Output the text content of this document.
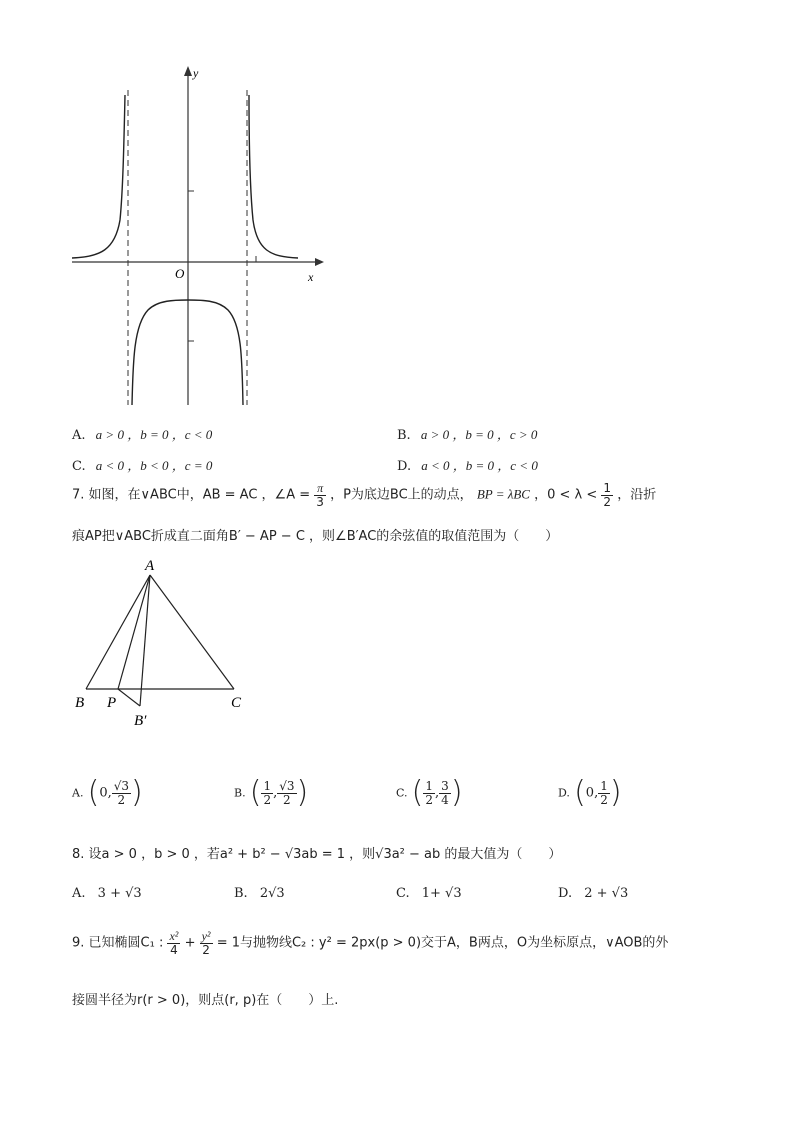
y
x
O
A. a > 0 ，b = 0 ，c < 0	B. a > 0 ，b = 0 ，c > 0
C. a < 0 ，b < 0 ，c = 0	D. a < 0 ，b = 0 ，c < 0
7. 如图，在∨ABC中，AB = AC ，∠A = $\frac{\pi}{3}$ ，P为底边BC上的动点， BP = λBC ，$0 < \lambda < \frac{1}{2}$ ，沿折
痕AP把∨ABC折成直二面角B′ − AP − C ，则∠B′AC的余弦值的取值范围为（　　）
A
B P	C
B′
A. (0, $\frac{√3}{2}$ )	B. ( $\frac{1}{2}$ , $\frac{√3}{2}$ )	C. ( $\frac{1}{2}$ , $\frac{3}{4}$ )	D. (0, $\frac{1}{2}$ )
8. 设a > 0 ，b > 0 ，若a² + b² − √3ab = 1 ，则√3a² − ab 的最大值为（　　）
A. 3 + √3	B. 2√3	C. 1+ √3	D. 2 + √3
9. 已知椭圆C₁ : $\frac{\text{x²}}{4} + \frac{\text{y²}}{2} = 1$与抛物线C₂ : y² = 2px(p > 0)交于A，B两点，O为坐标原点，∨AOB的外
接圆半径为r(r > 0)，则点(r, p)在（　　）上.
